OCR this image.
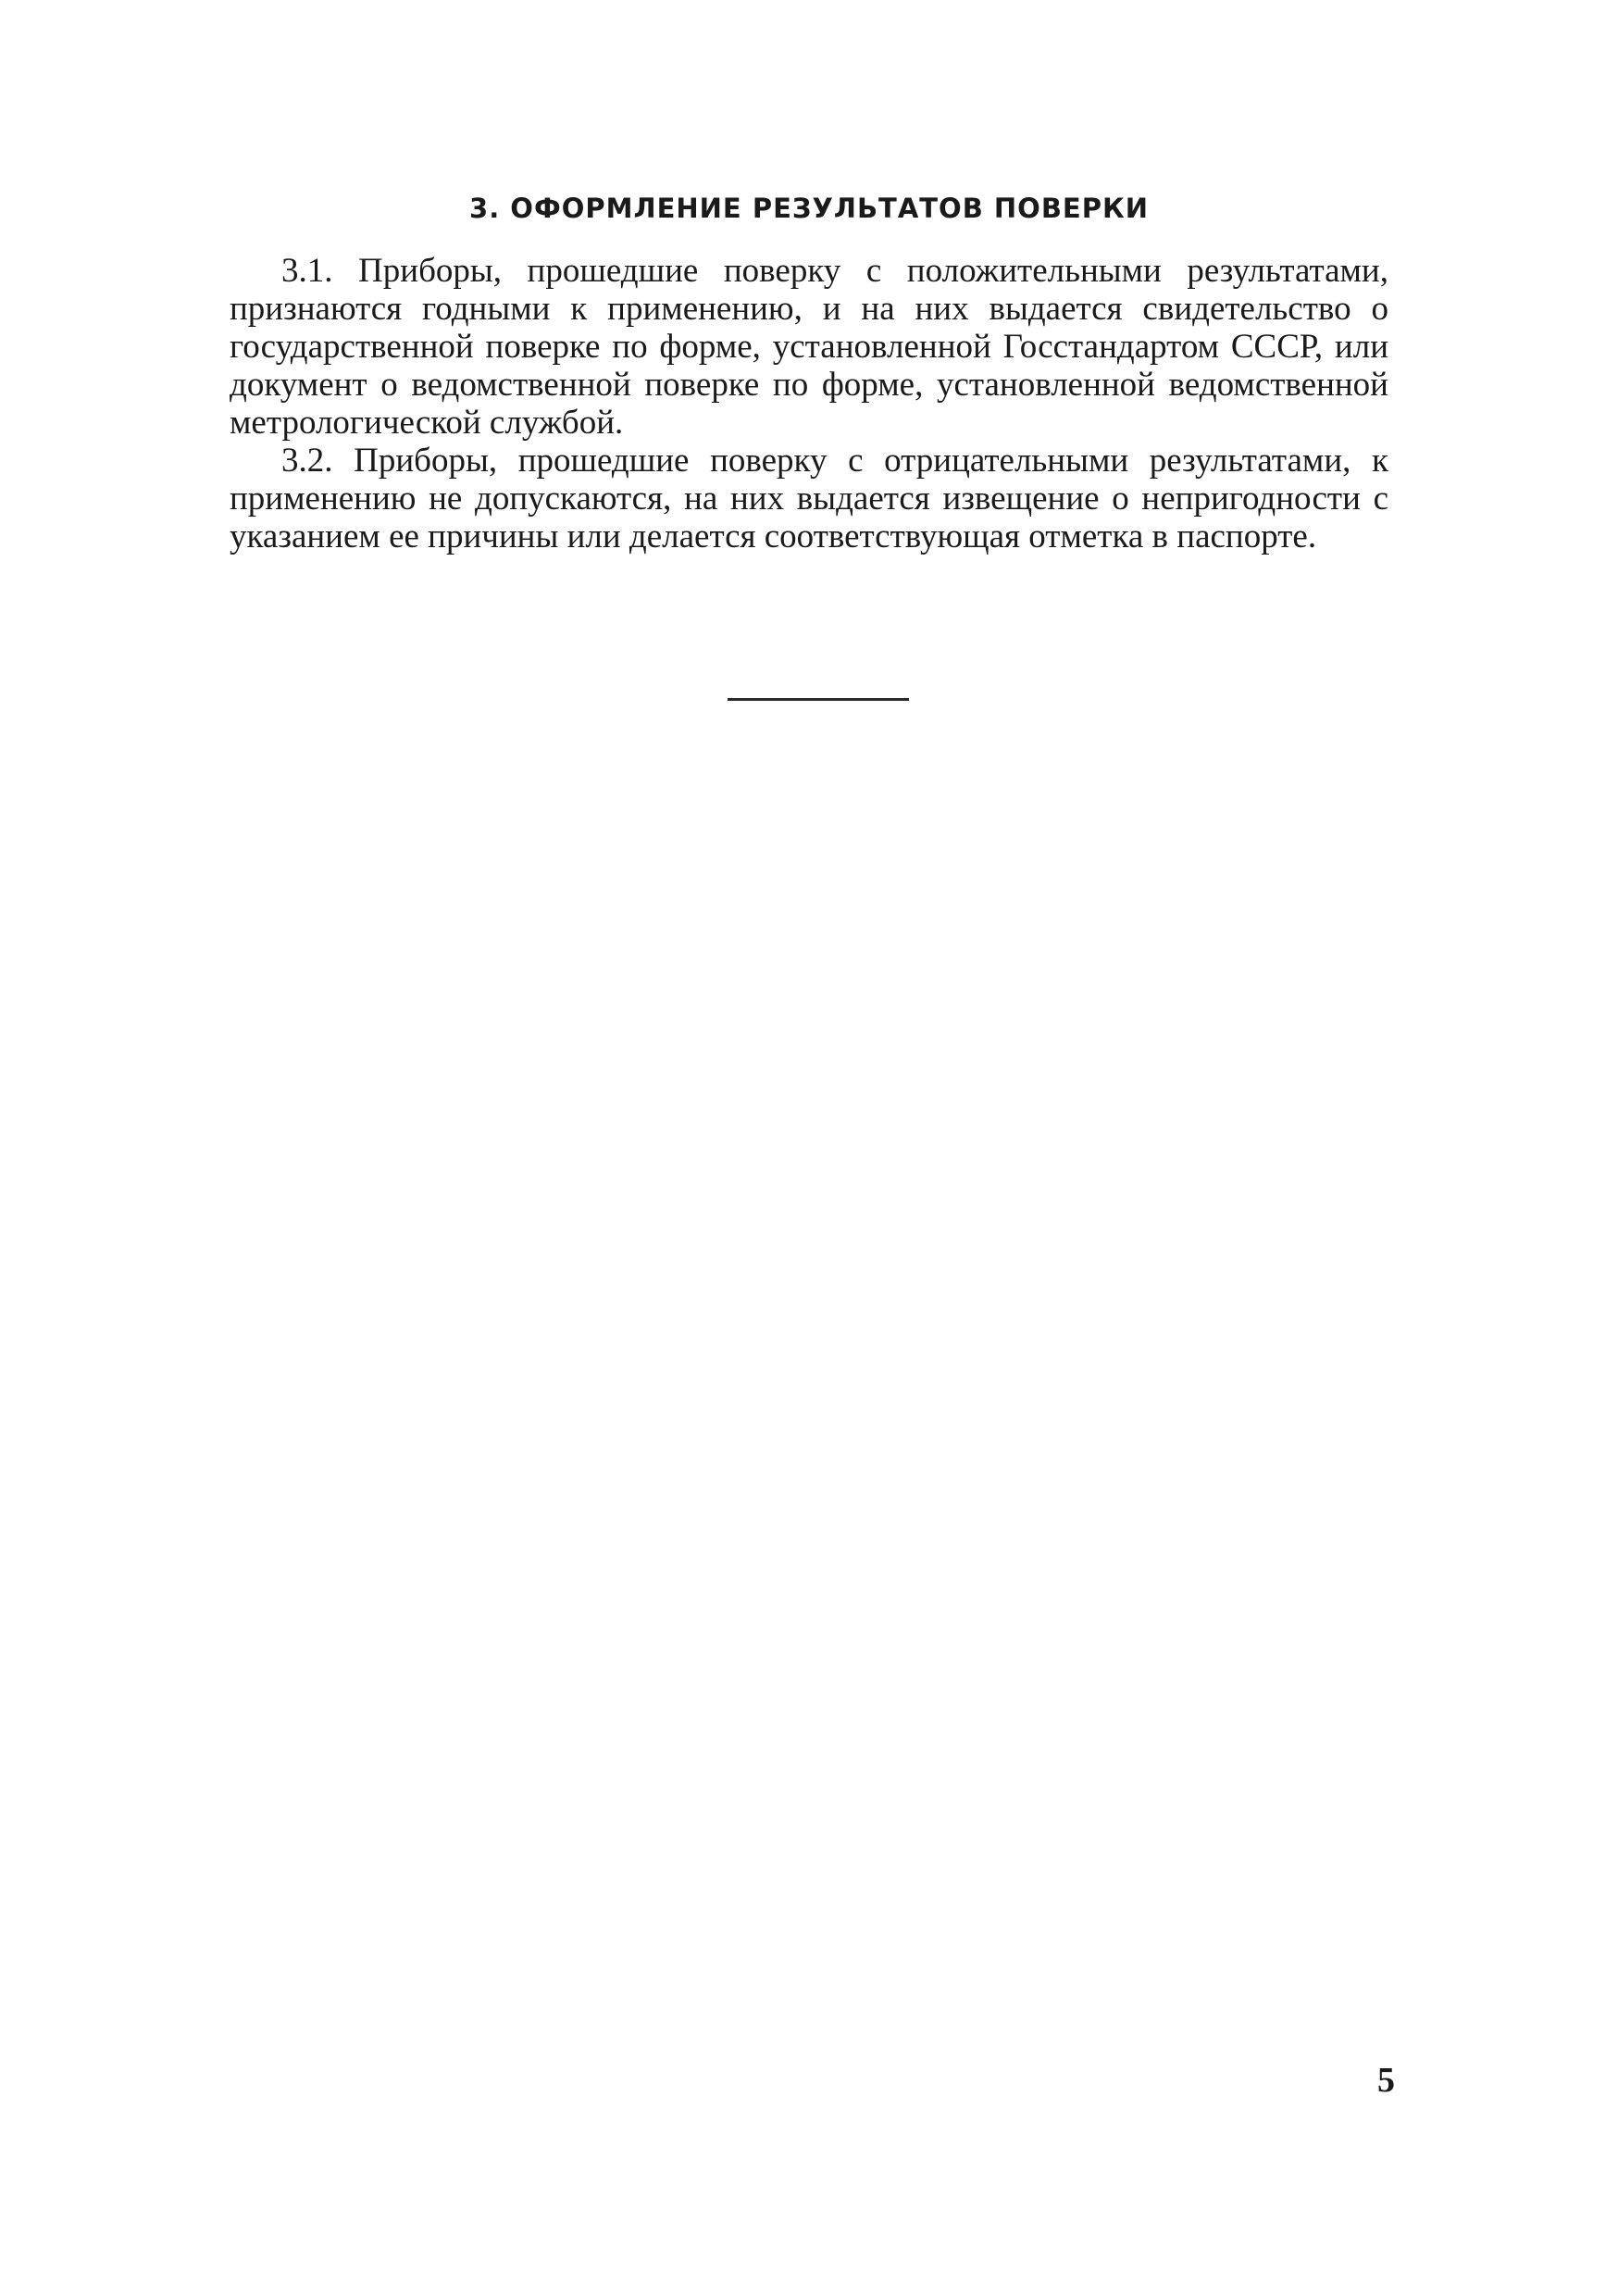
3. ОФОРМЛЕНИЕ РЕЗУЛЬТАТОВ ПОВЕРКИ

3.1. Приборы, прошедшие поверку с положительными результатами, признаются годными к применению, и на них выдается свидетельство о государственной поверке по форме, установленной Госстандартом СССР, или документ о ведомственной поверке по форме, установленной ведомственной метрологической службой.

3.2. Приборы, прошедшие поверку с отрицательными результатами, к применению не допускаются, на них выдается извещение о непригодности с указанием ее причины или делается соответствующая отметка в паспорте.

5
